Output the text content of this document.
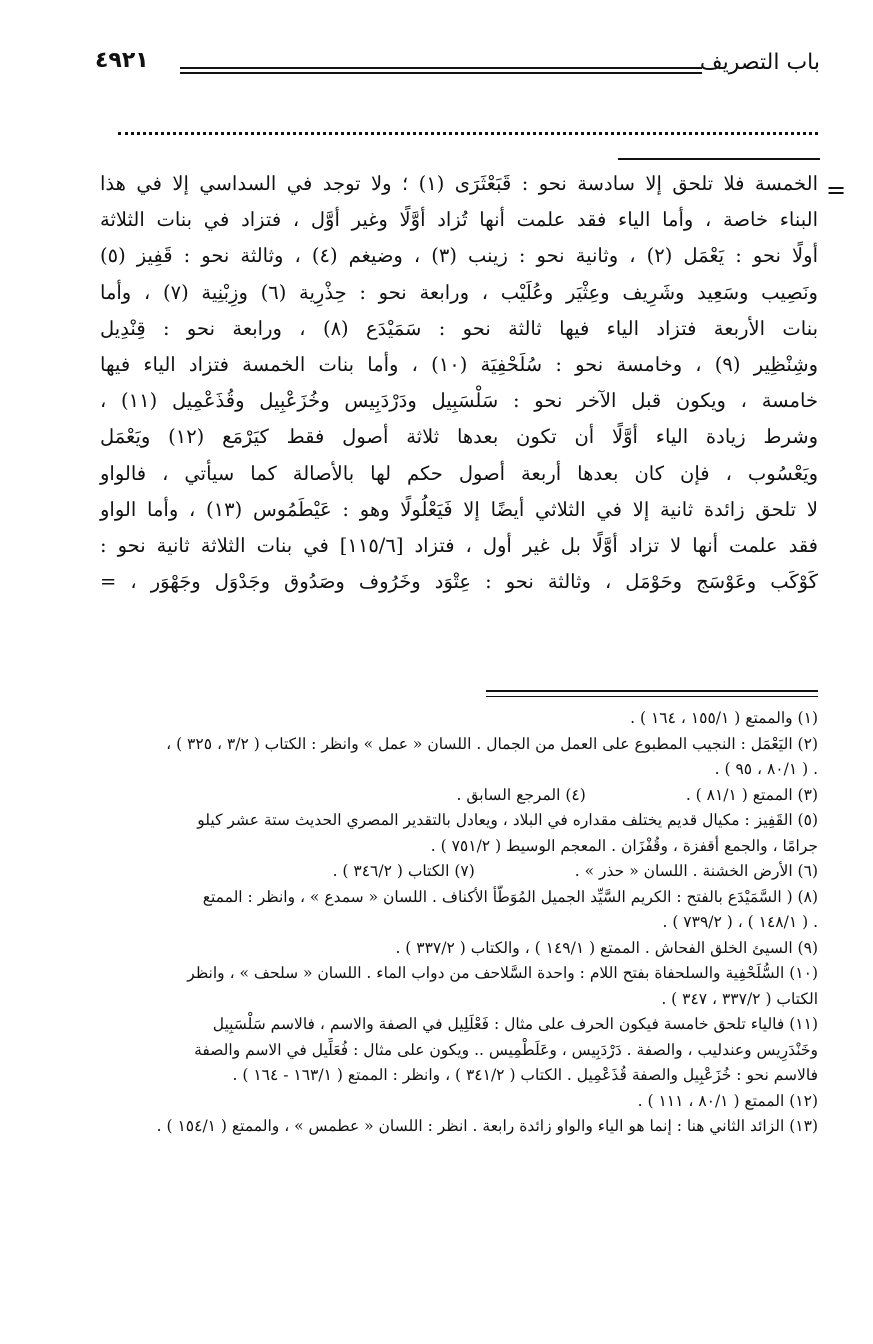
باب التصريف
٤٩٢١
=
الخمسة فلا تلحق إلا سادسة نحو : قَبَعْثَرَى (١) ؛ ولا توجد في السداسي إلا في هذا
البناء خاصة ، وأما الياء فقد علمت أنها تُزاد أوَّلًا وغير أوَّل ، فتزاد في بنات الثلاثة
أولًا نحو : يَعْمَل (٢) ، وثانية نحو : زينب (٣) ، وضيغم (٤) ، وثالثة نحو : قَفِيز (٥)
ونَصِيب وسَعِيد وشَرِيف وعِثْيَر وعُلَيْب ، ورابعة نحو : حِذْرِية (٦) وزِبْنِية (٧) ، وأما
بنات الأربعة فتزاد الياء فيها ثالثة نحو : سَمَيْدَع (٨) ، ورابعة نحو : قِنْدِيل
وشِنْظِير (٩) ، وخامسة نحو : سُلَحْفِيَة (١٠) ، وأما بنات الخمسة فتزاد الياء فيها
خامسة ، ويكون قبل الآخر نحو : سَلْسَبِيل ودَرْدَبِيس وخُزَعْبِيل وقُذَعْمِيل (١١) ،
وشرط زيادة الياء أوَّلًا أن تكون بعدها ثلاثة أصول فقط كيَرْمَع (١٢) ويَعْمَل
ويَعْسُوب ، فإن كان بعدها أربعة أصول حكم لها بالأصالة كما سيأتي ، فالواو
لا تلحق زائدة ثانية إلا في الثلاثي أيضًا إلا فَيَعْلُولًا وهو : عَيْطَمُوس (١٣) ، وأما الواو
فقد علمت أنها لا تزاد أوَّلًا بل غير أول ، فتزاد [١١٥/٦] في بنات الثلاثة ثانية نحو :
كَوْكَب وعَوْسَج وحَوْمَل ، وثالثة نحو : عِتْوَد وخَرُوف وصَدُوق وجَدْوَل وجَهْوَر ، =
(١) والممتع ( ١٥٥/١ ، ١٦٤ ) .
(٢) اليَعْمَل : النجيب المطبوع على العمل من الجمال . اللسان « عمل » وانظر : الكتاب ( ٣/٢ ، ٣٢٥ ) ،
. ( ٨٠/١ ، ٩٥ ) .
(٣) الممتع ( ٨١/١ ) .
(٤) المرجع السابق .
(٥) القَفِيز : مكيال قديم يختلف مقداره في البلاد ، ويعادل بالتقدير المصري الحديث ستة عشر كيلو
جرامًا ، والجمع أقفزة ، وقُفْزَان . المعجم الوسيط ( ٧٥١/٢ ) .
(٦) الأرض الخشنة . اللسان « حذر » .
(٧) الكتاب ( ٣٤٦/٢ ) .
(٨) ( السَّمَيْدَع بالفتح : الكريم السَّيِّد الجميل المُوَطَّأ الأكناف . اللسان « سمدع » ، وانظر : الممتع
. ( ١٤٨/١ ) ، ( ٧٣٩/٢ ) .
(٩) السيئ الخلق الفحاش . الممتع ( ١٤٩/١ ) ، والكتاب ( ٣٣٧/٢ ) .
(١٠) السُّلَحْفِية والسلحفاة بفتح اللام : واحدة السَّلاحف من دواب الماء . اللسان « سلحف » ، وانظر
الكتاب ( ٣٣٧/٢ ، ٣٤٧ ) .
(١١) فالياء تلحق خامسة فيكون الحرف على مثال : فَعْلَلِيل في الصفة والاسم ، فالاسم سَلْسَبِيل
وخَنْدَرِيس وعندليب ، والصفة . دَرْدَبِيس ، وعَلَطْمِيس .. ويكون على مثال : فُعَلِّيل في الاسم والصفة
فالاسم نحو : خُزَعْبِيل والصفة قُذَعْمِيل . الكتاب ( ٣٤١/٢ ) ، وانظر : الممتع ( ١٦٣/١ - ١٦٤ ) .
(١٢) الممتع ( ٨٠/١ ، ١١١ ) .
(١٣) الزائد الثاني هنا : إنما هو الياء والواو زائدة رابعة . انظر : اللسان « عطمس » ، والممتع ( ١٥٤/١ ) .
